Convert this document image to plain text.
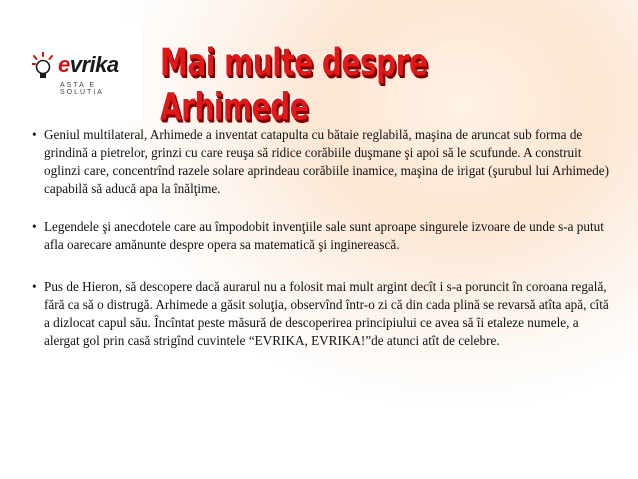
evrika
ASTA E SOLUTIA
Mai multe despre Arhimede
• Geniul multilateral, Arhimede a inventat catapulta cu bătaie reglabilă, maşina de aruncat sub forma de grindină a pietrelor, grinzi cu care reuşa să ridice corăbiile duşmane şi apoi să le scufunde. A construit oglinzi care, concentrînd razele solare aprindeau corăbiile inamice, maşina de irigat (şurubul lui Arhimede) capabilă să aducă apa la înălţime.
• Legendele şi anecdotele care au împodobit invenţiile sale sunt aproape singurele izvoare de unde s-a putut afla oarecare amănunte despre opera sa matematică şi inginerească.
• Pus de Hieron, să descopere dacă aurarul nu a folosit mai mult argint decît i s-a poruncit în coroana regală, fără ca să o distrugă. Arhimede a găsit soluţia, observînd într-o zi că din cada plină se revarsă atîta apă, cîtă a dizlocat capul său. Încîntat peste măsură de descoperirea principiului ce avea să îi etaleze numele, a alergat gol prin casă strigînd cuvintele “EVRIKA, EVRIKA!”de atunci atît de celebre.
